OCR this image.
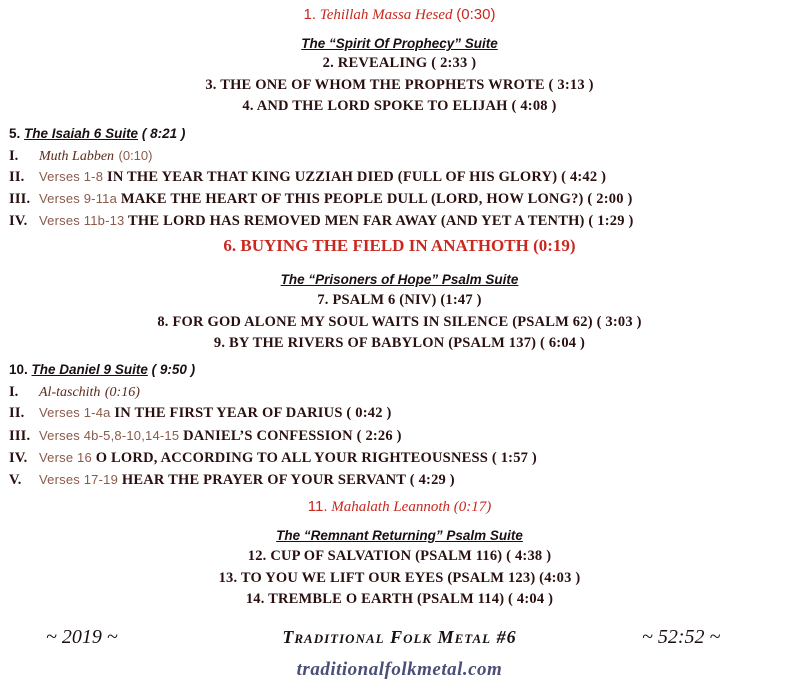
1. Tehillah Massa Hesed (0:30)
The “Spirit Of Prophecy” Suite
2. REVEALING ( 2:33 )
3. THE ONE OF WHOM THE PROPHETS WROTE ( 3:13 )
4. AND THE LORD SPOKE TO ELIJAH ( 4:08 )
5. The Isaiah 6 Suite ( 8:21 )
I. Muth Labben (0:10)
II. Verses 1-8 IN THE YEAR THAT KING UZZIAH DIED (FULL OF HIS GLORY) ( 4:42 )
III. Verses 9-11a MAKE THE HEART OF THIS PEOPLE DULL (LORD, HOW LONG?) ( 2:00 )
IV. Verses 11b-13 THE LORD HAS REMOVED MEN FAR AWAY (AND YET A TENTH) ( 1:29 )
6. BUYING THE FIELD IN ANATHOTH (0:19)
The “Prisoners of Hope” Psalm Suite
7. PSALM 6 (NIV) (1:47 )
8. FOR GOD ALONE MY SOUL WAITS IN SILENCE (PSALM 62) ( 3:03 )
9. BY THE RIVERS OF BABYLON (PSALM 137) ( 6:04 )
10. The Daniel 9 Suite ( 9:50 )
I. Al-taschith (0:16)
II. Verses 1-4a IN THE FIRST YEAR OF DARIUS ( 0:42 )
III. Verses 4b-5,8-10,14-15 DANIEL’S CONFESSION ( 2:26 )
IV. Verse 16 O LORD, ACCORDING TO ALL YOUR RIGHTEOUSNESS ( 1:57 )
V. Verses 17-19 HEAR THE PRAYER OF YOUR SERVANT ( 4:29 )
11. Mahalath Leannoth (0:17)
The “Remnant Returning” Psalm Suite
12. CUP OF SALVATION (PSALM 116) ( 4:38 )
13. TO YOU WE LIFT OUR EYES (PSALM 123) (4:03 )
14. TREMBLE O EARTH (PSALM 114) ( 4:04 )
~ 2019 ~	Traditional Folk Metal #6	~ 52:52 ~
traditionalfolkmetal.com
